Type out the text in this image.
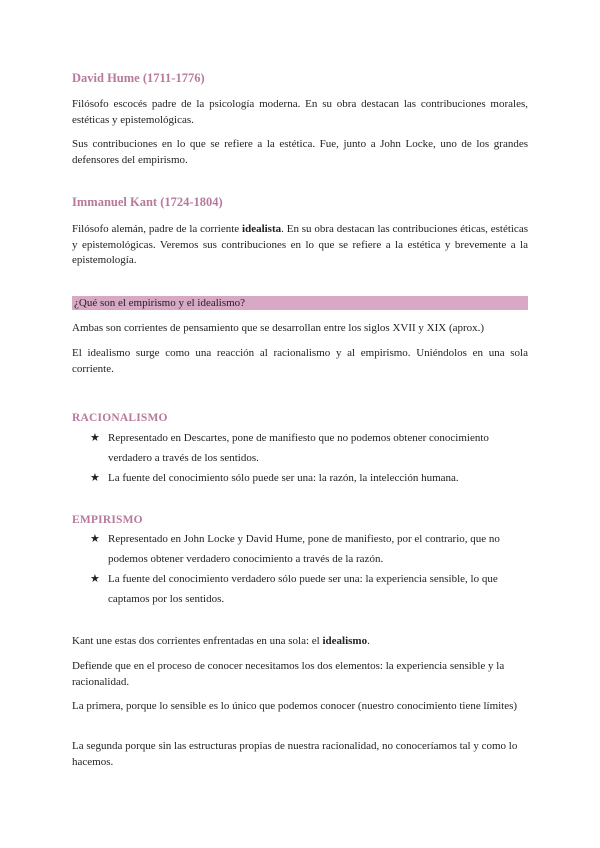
David Hume (1711-1776)

Filósofo escocés padre de la psicología moderna. En su obra destacan las contribuciones morales, estéticas y epistemológicas.

Sus contribuciones en lo que se refiere a la estética. Fue, junto a John Locke, uno de los grandes defensores del empirismo.

Immanuel Kant (1724-1804)

Filósofo alemán, padre de la corriente idealista. En su obra destacan las contribuciones éticas, estéticas y epistemológicas. Veremos sus contribuciones en lo que se refiere a la estética y brevemente a la epistemología.

¿Qué son el empirismo y el idealismo?

Ambas son corrientes de pensamiento que se desarrollan entre los siglos XVII y XIX (aprox.)

El idealismo surge como una reacción al racionalismo y al empirismo. Uniéndolos en una sola corriente.

RACIONALISMO
★ Representado en Descartes, pone de manifiesto que no podemos obtener conocimiento verdadero a través de los sentidos.
★ La fuente del conocimiento sólo puede ser una: la razón, la intelección humana.
EMPIRISMO
★ Representado en John Locke y David Hume, pone de manifiesto, por el contrario, que no podemos obtener verdadero conocimiento a través de la razón.
★ La fuente del conocimiento verdadero sólo puede ser una: la experiencia sensible, lo que captamos por los sentidos.

Kant une estas dos corrientes enfrentadas en una sola: el idealismo.

Defiende que en el proceso de conocer necesitamos los dos elementos: la experiencia sensible y la racionalidad.

La primera, porque lo sensible es lo único que podemos conocer (nuestro conocimiento tiene límites)

La segunda porque sin las estructuras propias de nuestra racionalidad, no conoceríamos tal y como lo hacemos.
